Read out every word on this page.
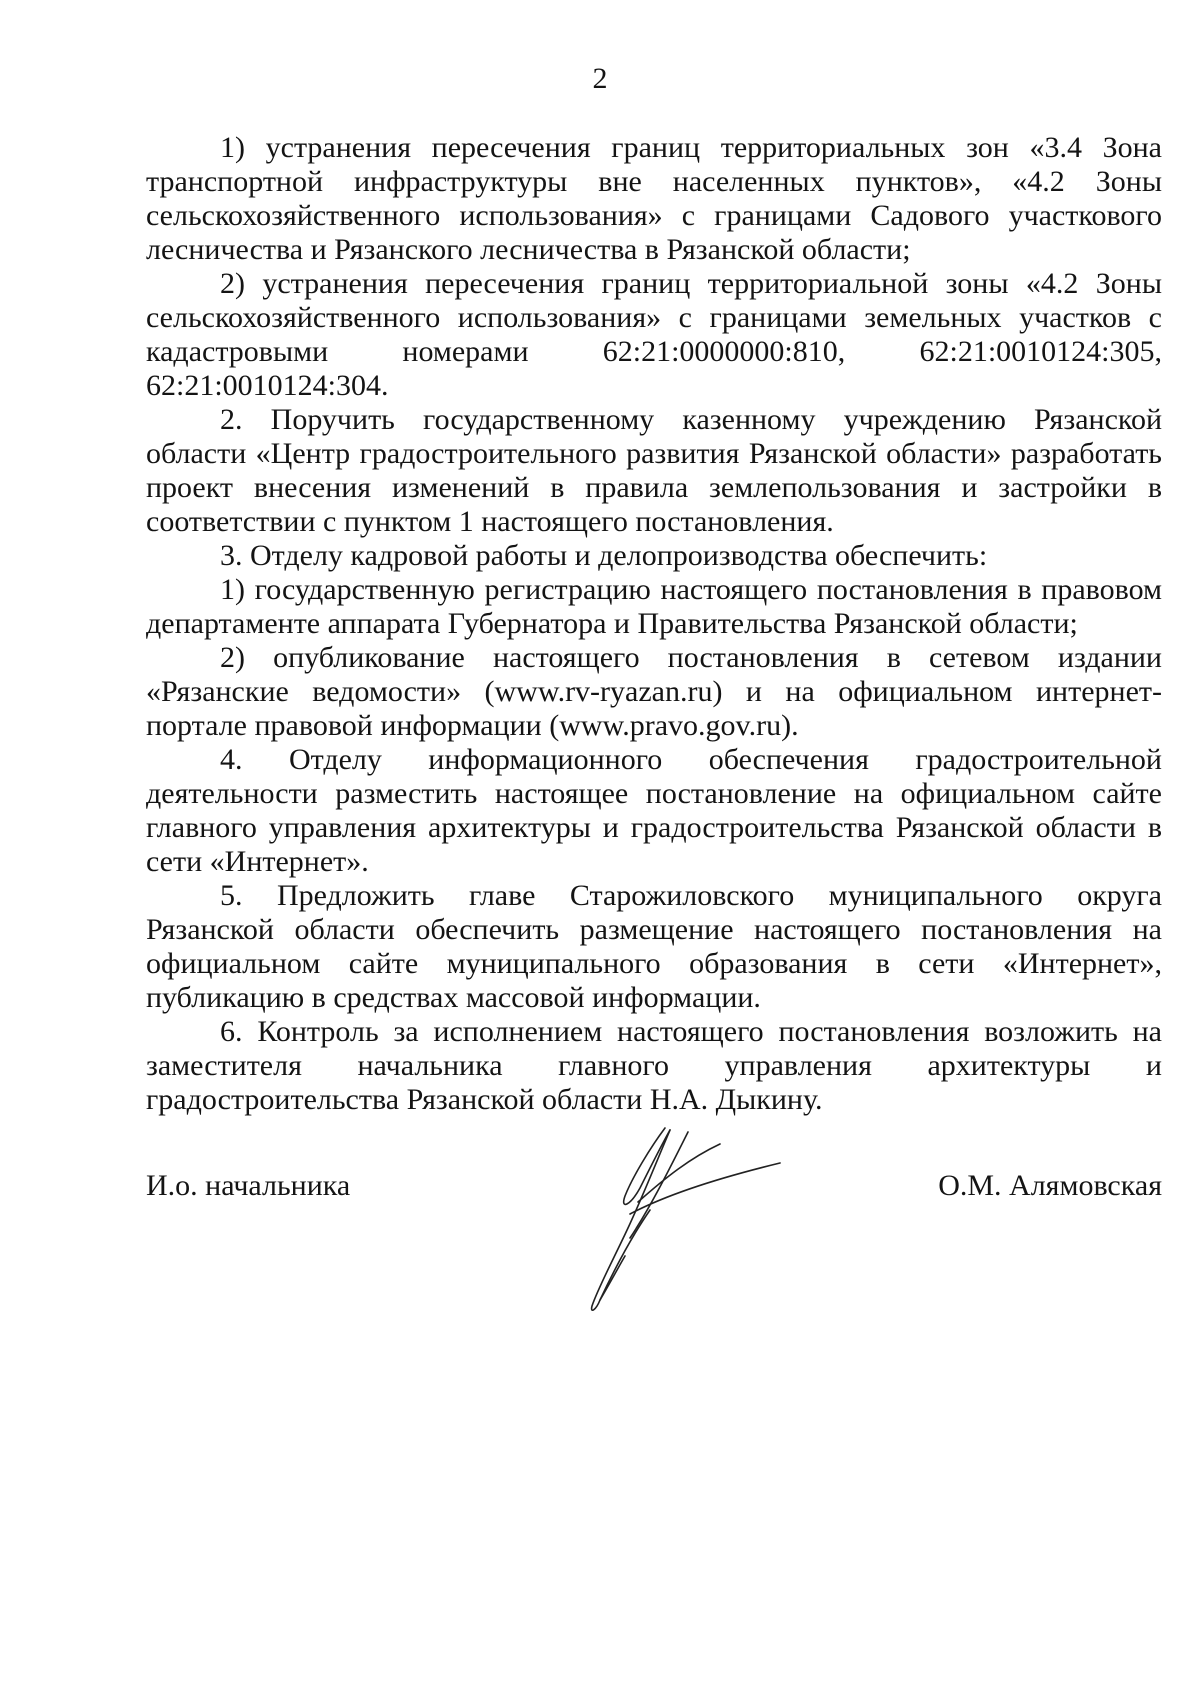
2

1) устранения пересечения границ территориальных зон «3.4 Зона транспортной инфраструктуры вне населенных пунктов», «4.2 Зоны сельскохозяйственного использования» с границами Садового участкового лесничества и Рязанского лесничества в Рязанской области;

2) устранения пересечения границ территориальной зоны «4.2 Зоны сельскохозяйственного использования» с границами земельных участков с кадастровыми номерами 62:21:0000000:810, 62:21:0010124:305, 62:21:0010124:304.

2. Поручить государственному казенному учреждению Рязанской области «Центр градостроительного развития Рязанской области» разработать проект внесения изменений в правила землепользования и застройки в соответствии с пунктом 1 настоящего постановления.

3. Отделу кадровой работы и делопроизводства обеспечить:

1) государственную регистрацию настоящего постановления в правовом департаменте аппарата Губернатора и Правительства Рязанской области;

2) опубликование настоящего постановления в сетевом издании «Рязанские ведомости» (www.rv-ryazan.ru) и на официальном интернет-портале правовой информации (www.pravo.gov.ru).

4. Отделу информационного обеспечения градостроительной деятельности разместить настоящее постановление на официальном сайте главного управления архитектуры и градостроительства Рязанской области в сети «Интернет».

5. Предложить главе Старожиловского муниципального округа Рязанской области обеспечить размещение настоящего постановления на официальном сайте муниципального образования в сети «Интернет», публикацию в средствах массовой информации.

6. Контроль за исполнением настоящего постановления возложить на заместителя начальника главного управления архитектуры и градостроительства Рязанской области Н.А. Дыкину.

И.о. начальника	О.М. Алямовская
